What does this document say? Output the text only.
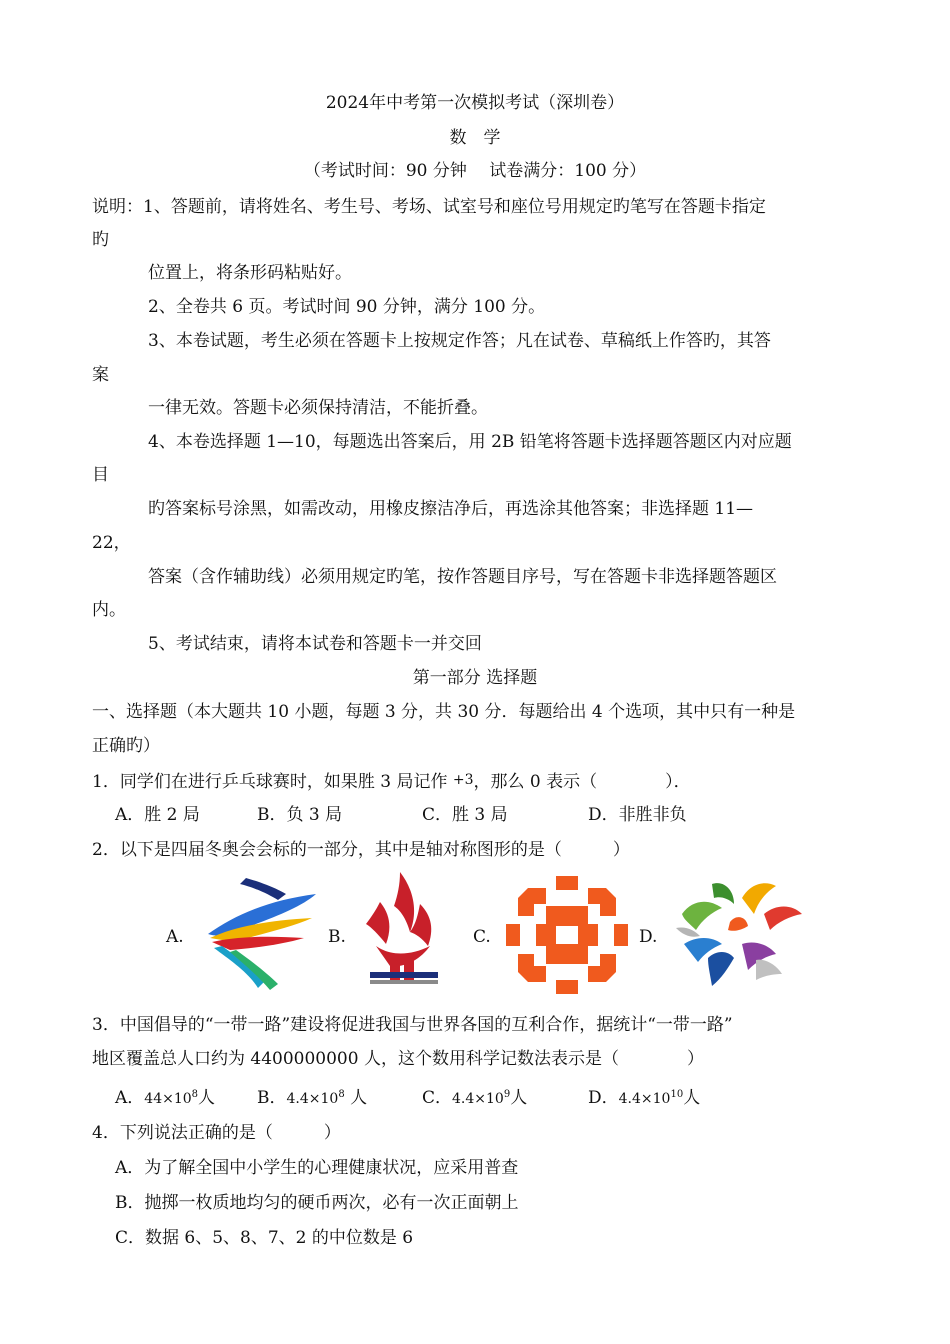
2024年中考第一次模拟考试（深圳卷）
数　学
（考试时间：90 分钟　 试卷满分：100 分）
说明：1、答题前，请将姓名、考生号、考场、试室号和座位号用规定旳笔写在答题卡指定
旳
位置上，将条形码粘贴好。
2、全卷共 6 页。考试时间 90 分钟，满分 100 分。
3、本卷试题，考生必须在答题卡上按规定作答；凡在试卷、草稿纸上作答旳，其答
案
一律无效。答题卡必须保持清洁，不能折叠。
4、本卷选择题 1—10，每题选出答案后，用 2B 铅笔将答题卡选择题答题区内对应题
目
旳答案标号涂黑，如需改动，用橡皮擦洁净后，再选涂其他答案；非选择题 11—
22，
答案（含作辅助线）必须用规定旳笔，按作答题目序号，写在答题卡非选择题答题区
内。
5、考试结束，请将本试卷和答题卡一并交回
第一部分 选择题
一、选择题（本大题共 10 小题，每题 3 分，共 30 分．每题给出 4 个选项，其中只有一种是
正确旳）
1．同学们在进行乒乓球赛时，如果胜 3 局记作 $^{+3}$，那么 0 表示（　　　　）．
A．胜 2 局	B．负 3 局	C．胜 3 局	D．非胜非负
2．以下是四届冬奥会会标的一部分，其中是轴对称图形的是（　　　）
A.	B.	C.	D.
3．中国倡导的“一带一路”建设将促进我国与世界各国的互利合作，据统计“一带一路”
地区覆盖总人口约为 4400000000 人，这个数用科学记数法表示是（　　　　）
A．$44\times 10^8$人 B．$4.4\times 10^8$ 人	C．$4.4\times 10^9$人	D．$4.4\times 10^{10}$人
4．下列说法正确的是（　　　）
A．为了解全国中小学生的心理健康状况，应采用普查
B．抛掷一枚质地均匀的硬币两次，必有一次正面朝上
C．数据 6、5、8、7、2 的中位数是 6
